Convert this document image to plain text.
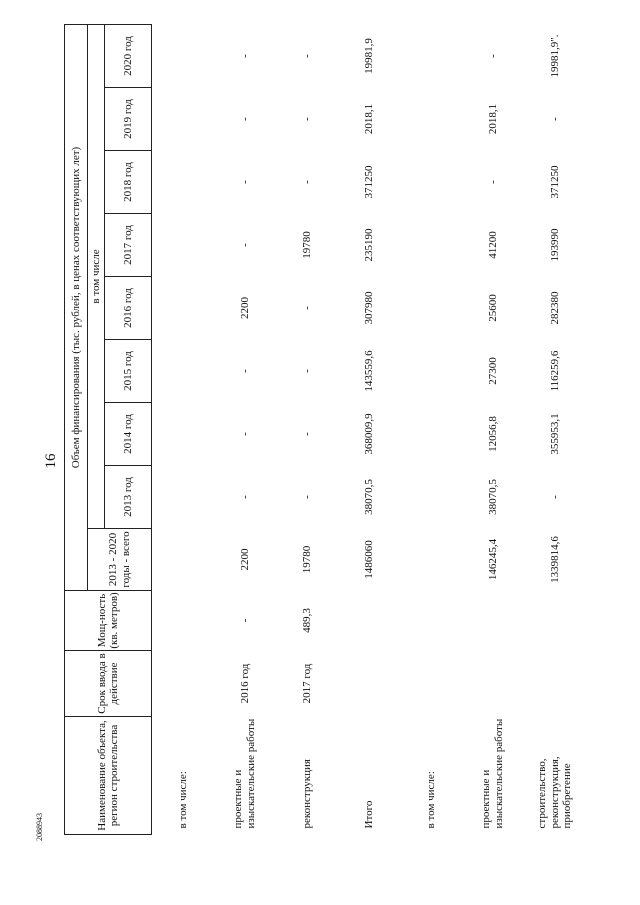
16
2088943	Наименование объекта, регион строительства	Срок ввода в действие	Мощ-ность (кв. метров)	Объем финансирования (тыс. рублей, в ценах соответствующих лет)								
			2013 - 2020 годы - всего	в том числе							
				2013 год	2014 год	2015 год	2016 год	2017 год	2018 год	2019 год	2020 год
в том числе:											
проектные и изыскательские работы	2016 год	-	2200	-	-	-	2200	-	-	-	-
реконструкция	2017 год	489,3	19780	-	-	-	-	19780	-	-	-
Итого			1486060	38070,5	368009,9	143559,6	307980	235190	371250	2018,1	19981,9
в том числе:											
проектные и изыскательские работы			146245,4	38070,5	12056,8	27300	25600	41200	-	2018,1	-
строительство, реконструкция, приобретение			1339814,6	-	355953,1	116259,6	282380	193990	371250	-	19981,9".
